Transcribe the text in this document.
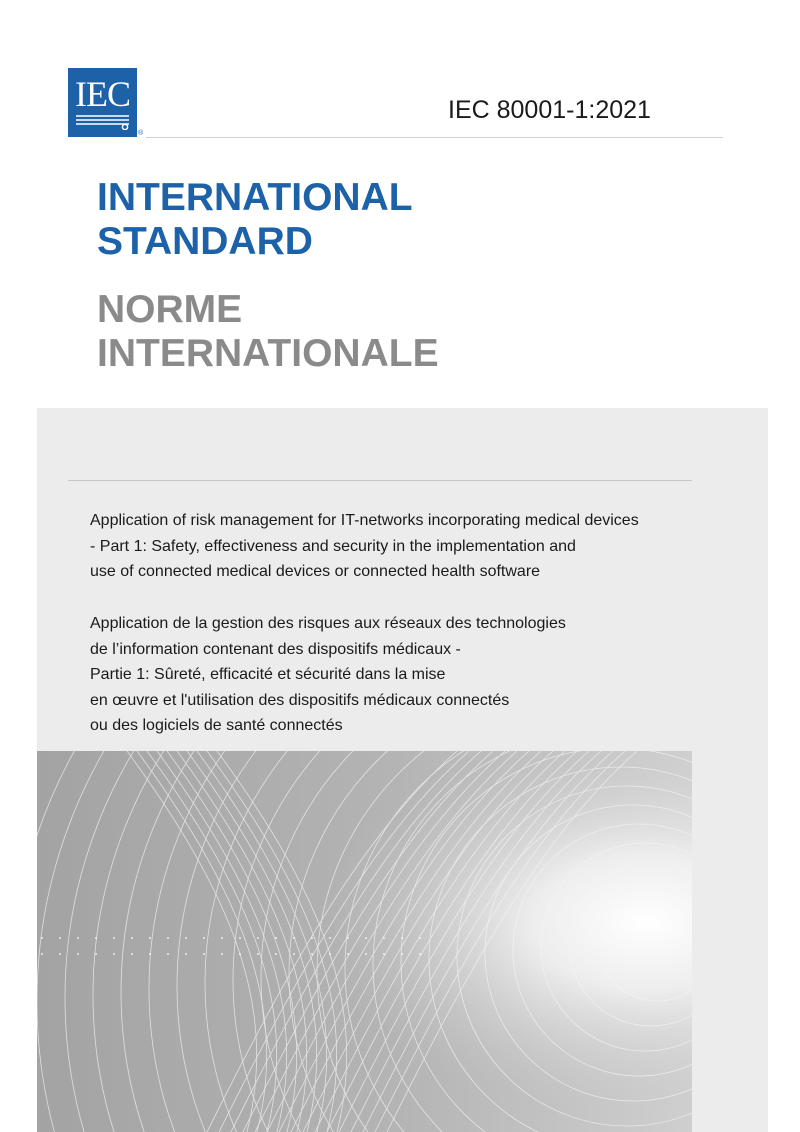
IEC
®
IEC 80001-1:2021
INTERNATIONAL
STANDARD
NORME
INTERNATIONALE
Application of risk management for IT-networks incorporating medical devices
- Part 1: Safety, effectiveness and security in the implementation and
use of connected medical devices or connected health software
Application de la gestion des risques aux réseaux des technologies
de l’information contenant des dispositifs médicaux -
Partie 1: Sûreté, efficacité et sécurité dans la mise
en œuvre et l'utilisation des dispositifs médicaux connectés
ou des logiciels de santé connectés
